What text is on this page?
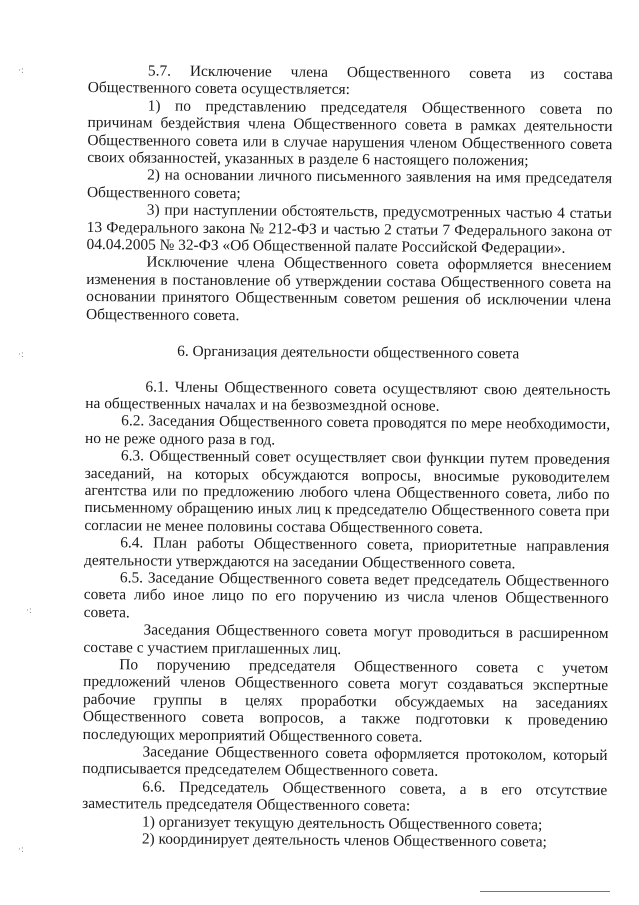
·:
·:
·:
·:

5.7. Исключение члена Общественного совета из состава Общественного совета осуществляется:

1) по представлению председателя Общественного совета по причинам бездействия члена Общественного совета в рамках деятельности Общественного совета или в случае нарушения членом Общественного совета своих обязанностей, указанных в разделе 6 настоящего положения;

2) на основании личного письменного заявления на имя председателя Общественного совета;

3) при наступлении обстоятельств, предусмотренных частью 4 статьи 13 Федерального закона № 212-ФЗ и частью 2 статьи 7 Федерального закона от 04.04.2005 № 32-ФЗ «Об Общественной палате Российской Федерации».

Исключение члена Общественного совета оформляется внесением изменения в постановление об утверждении состава Общественного совета на основании принятого Общественным советом решения об исключении члена Общественного совета.

6. Организация деятельности общественного совета

6.1. Члены Общественного совета осуществляют свою деятельность на общественных началах и на безвозмездной основе.

6.2. Заседания Общественного совета проводятся по мере необходимости, но не реже одного раза в год.

6.3. Общественный совет осуществляет свои функции путем проведения заседаний, на которых обсуждаются вопросы, вносимые руководителем агентства или по предложению любого члена Общественного совета, либо по письменному обращению иных лиц к председателю Общественного совета при согласии не менее половины состава Общественного совета.

6.4. План работы Общественного совета, приоритетные направления деятельности утверждаются на заседании Общественного совета.

6.5. Заседание Общественного совета ведет председатель Общественного совета либо иное лицо по его поручению из числа членов Общественного совета.

Заседания Общественного совета могут проводиться в расширенном составе с участием приглашенных лиц.

По поручению председателя Общественного совета с учетом предложений членов Общественного совета могут создаваться экспертные рабочие группы в целях проработки обсуждаемых на заседаниях Общественного совета вопросов, а также подготовки к проведению последующих мероприятий Общественного совета.

Заседание Общественного совета оформляется протоколом, который подписывается председателем Общественного совета.

6.6. Председатель Общественного совета, а в его отсутствие заместитель председателя Общественного совета:

1) организует текущую деятельность Общественного совета;

2) координирует деятельность членов Общественного совета;
